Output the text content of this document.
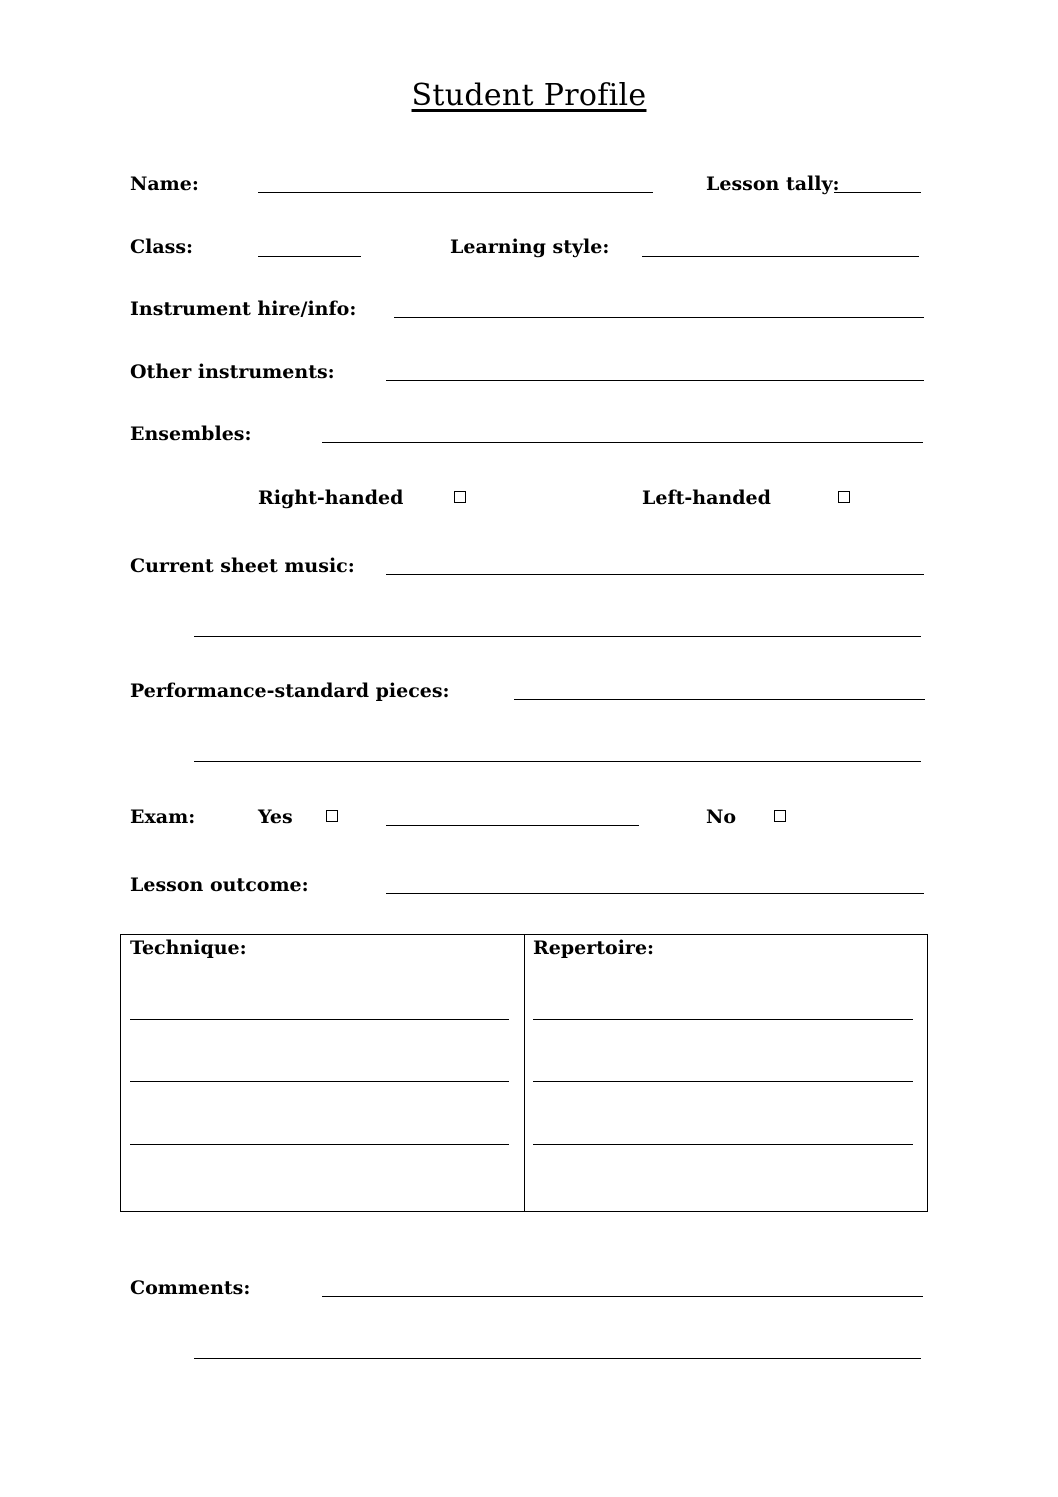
Student Profile
Name:	Lesson tally:
Class:	Learning style:
Instrument hire/info:
Other instruments:
Ensembles:
Right-handed	Left-handed
Current sheet music:
Performance-standard pieces:
Exam:	Yes	No
Lesson outcome:
Technique:	Repertoire:
Comments:
